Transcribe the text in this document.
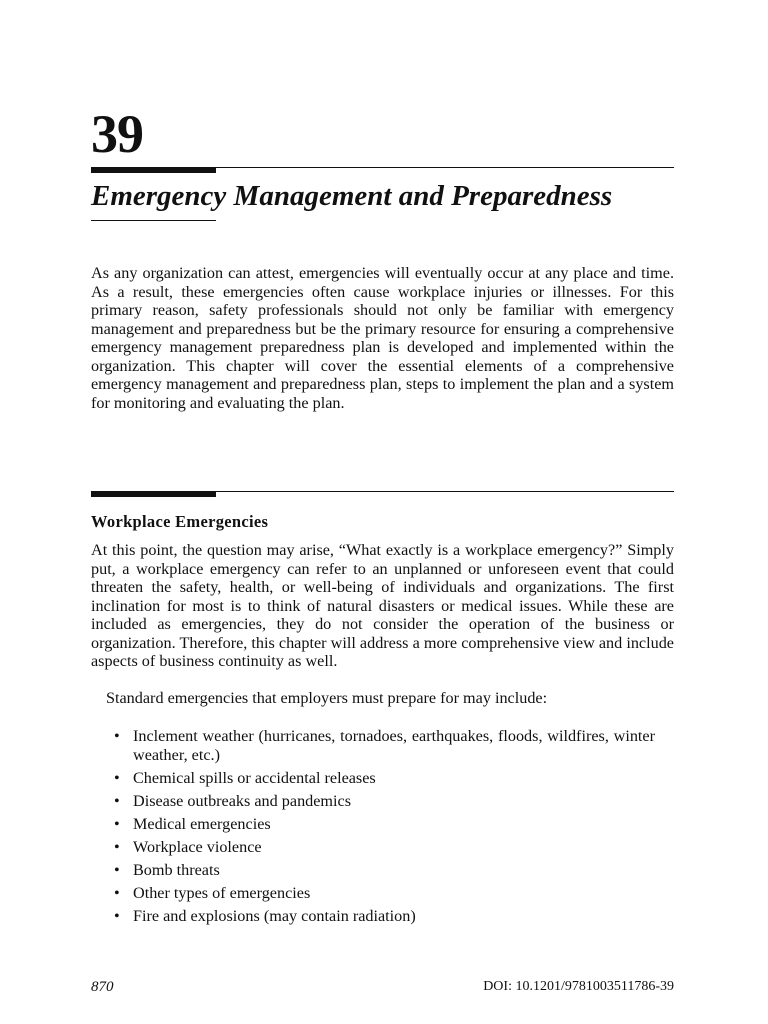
39
Emergency Management and Preparedness

As any organization can attest, emergencies will eventually occur at any place and time. As a result, these emergencies often cause workplace injuries or illnesses. For this primary reason, safety professionals should not only be familiar with emergency management and preparedness but be the primary resource for ensuring a comprehensive emergency management preparedness plan is developed and implemented within the organization. This chapter will cover the essential elements of a comprehensive emergency management and preparedness plan, steps to implement the plan and a system for monitoring and evaluating the plan.

Workplace Emergencies

At this point, the question may arise, “What exactly is a workplace emergency?” Simply put, a workplace emergency can refer to an unplanned or unforeseen event that could threaten the safety, health, or well-being of individuals and organizations. The first inclination for most is to think of natural disasters or medical issues. While these are included as emergencies, they do not consider the operation of the business or organization. Therefore, this chapter will address a more comprehensive view and include aspects of business continuity as well.

Standard emergencies that employers must prepare for may include:

• Inclement weather (hurricanes, tornadoes, earthquakes, floods, wildfires, winter weather, etc.)
• Chemical spills or accidental releases
• Disease outbreaks and pandemics
• Medical emergencies
• Workplace violence
• Bomb threats
• Other types of emergencies
• Fire and explosions (may contain radiation)
870	DOI: 10.1201/9781003511786-39
